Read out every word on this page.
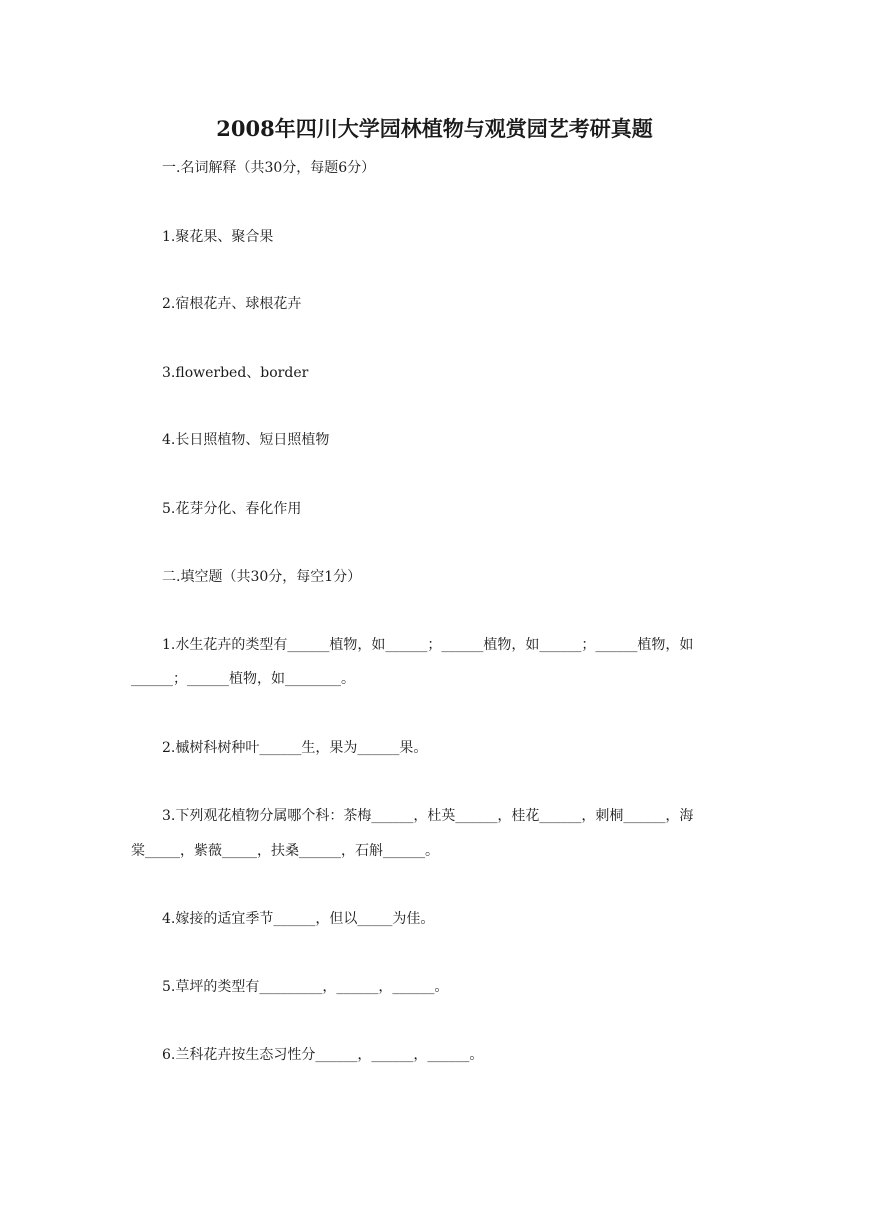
2008年四川大学园林植物与观赏园艺考研真题
一.名词解释（共30分，每题6分）
1.聚花果、聚合果
2.宿根花卉、球根花卉
3.flowerbed、border
4.长日照植物、短日照植物
5.花芽分化、春化作用
二.填空题（共30分，每空1分）
1.水生花卉的类型有______植物，如______；______植物，如______；______植物，如
______；______植物，如________。
2.槭树科树种叶______生，果为______果。
3.下列观花植物分属哪个科：茶梅______，杜英______，桂花______，刺桐______，海
棠_____，紫薇_____，扶桑______，石斛______。
4.嫁接的适宜季节______，但以_____为佳。
5.草坪的类型有_________，______，______。
6.兰科花卉按生态习性分______，______，______。
